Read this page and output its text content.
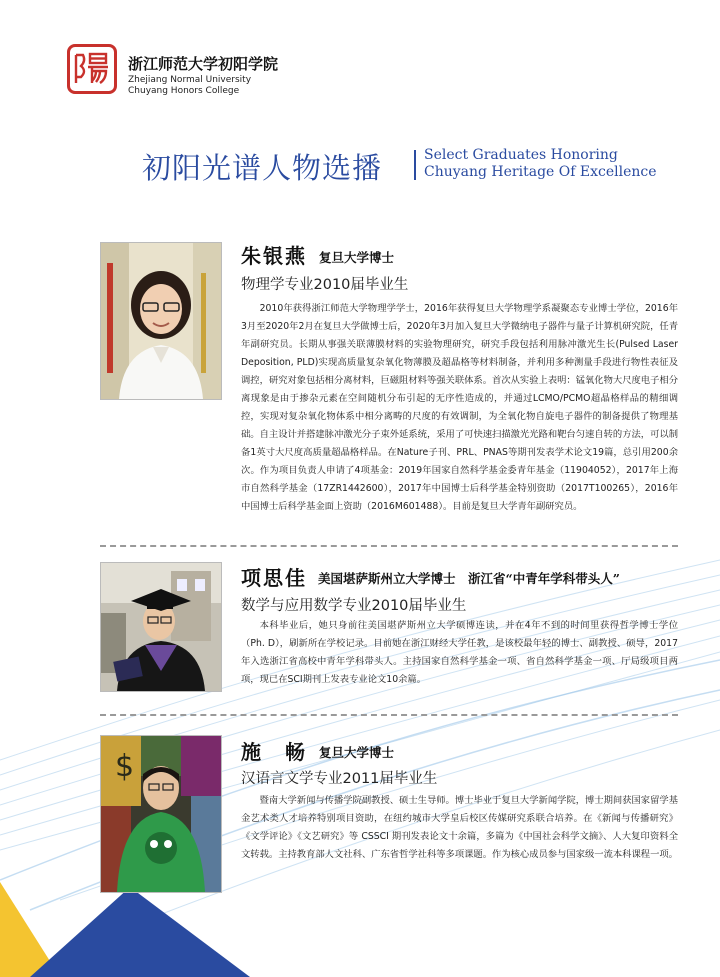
浙江师范大学初阳学院
Zhejiang Normal University
Chuyang Honors College
初阳光谱人物选播	Select Graduates Honoring
Chuyang Heritage Of Excellence
朱银燕 复旦大学博士
物理学专业2010届毕业生

2010年获得浙江师范大学物理学学士，2016年获得复旦大学物理学系凝聚态专业博士学位，2016年3月至2020年2月在复旦大学做博士后，2020年3月加入复旦大学微纳电子器件与量子计算机研究院，任青年副研究员。长期从事强关联薄膜材料的实验物理研究，研究手段包括利用脉冲激光生长(Pulsed Laser Deposition, PLD)实现高质量复杂氧化物薄膜及超晶格等材料制备，并利用多种测量手段进行物性表征及调控，研究对象包括相分离材料，巨磁阻材料等强关联体系。首次从实验上表明：锰氧化物大尺度电子相分离现象是由于掺杂元素在空间随机分布引起的无序性造成的，并通过LCMO/PCMO超晶格样品的精细调控，实现对复杂氧化物体系中相分离畴的尺度的有效调制，为全氧化物自旋电子器件的制备提供了物理基础。自主设计并搭建脉冲激光分子束外延系统，采用了可快速扫描激光光路和靶台匀速自转的方法，可以制备1英寸大尺度高质量超晶格样品。在Nature子刊、PRL、PNAS等期刊发表学术论文19篇，总引用200余次。作为项目负责人申请了4项基金：2019年国家自然科学基金委青年基金（11904052），2017年上海市自然科学基金（17ZR1442600），2017年中国博士后科学基金特别资助（2017T100265），2016年中国博士后科学基金面上资助（2016M601488）。目前是复旦大学青年副研究员。

项思佳 美国堪萨斯州立大学博士　浙江省“中青年学科带头人”
数学与应用数学专业2010届毕业生

本科毕业后，她只身前往美国堪萨斯州立大学硕博连读，并在4年不到的时间里获得哲学博士学位（Ph. D），刷新所在学校记录。目前她在浙江财经大学任教，是该校最年轻的博士、副教授、硕导，2017年入选浙江省高校中青年学科带头人。主持国家自然科学基金一项、省自然科学基金一项、厅局级项目两项，现已在SCI期刊上发表专业论文10余篇。

$	施　畅 复旦大学博士
汉语言文学专业2011届毕业生

暨南大学新闻与传播学院副教授、硕士生导师。博士毕业于复旦大学新闻学院，博士期间获国家留学基金艺术类人才培养特别项目资助，在纽约城市大学皇后校区传媒研究系联合培养。在《新闻与传播研究》《文学评论》《文艺研究》等 CSSCI 期刊发表论文十余篇，多篇为《中国社会科学文摘》、人大复印资料全文转载。主持教育部人文社科、广东省哲学社科等多项课题。作为核心成员参与国家级一流本科课程一项。
